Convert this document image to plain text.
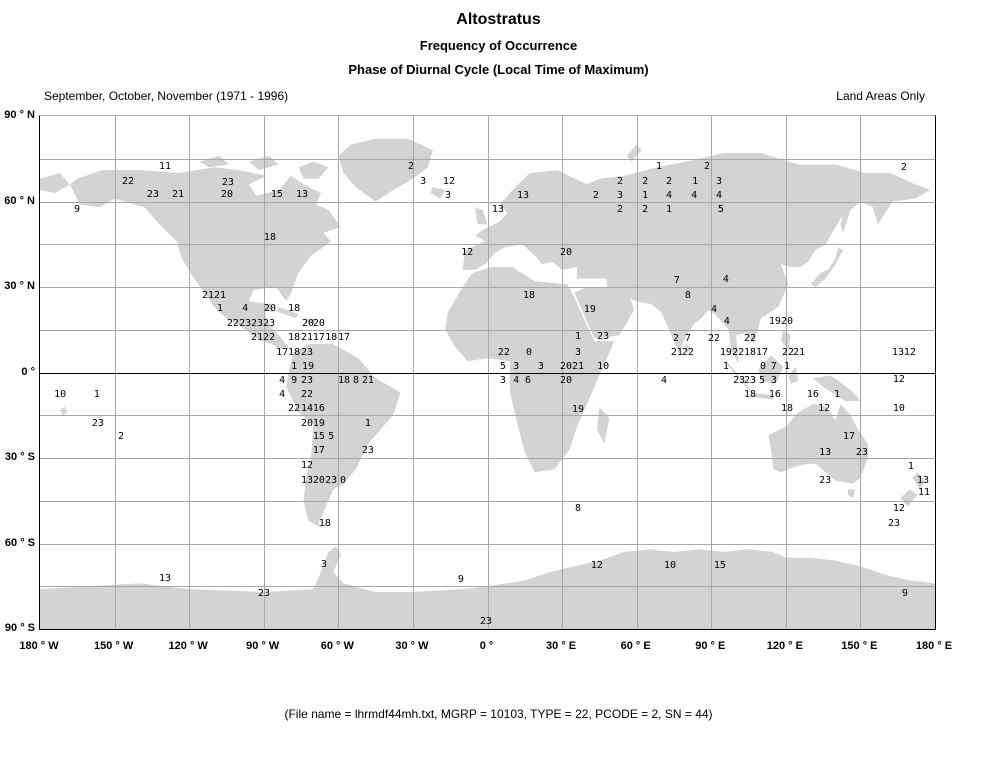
Altostratus
Frequency of Occurrence
Phase of Diurnal Cycle (Local Time of Maximum)
September, October, November (1971 - 1996)	Land Areas Only
11	2	1	2	2
22	23	3 12	2 2 2 1 3
23 21	20	15 13	3	13	2 3 1 4 4 4
9	13	2 2 1	5
18
12	20
7	4
21 21	18	8
1 4 20 18	19	4
22 23 23 23	20
20	4	19 20
21 22 18 21 17 18 17	1 23	2 7 22 22
17 18 23	22 0	3	21
22	19 22 18 17 22
21	13 12
1 19	5 3 3 20 21 10	1	0 7 1
4 9 23	18 8 21	3 4 6	20	4	23
23 5 3	12
10	1	4 22	18 16	16 1
22 14 16	19	18	12	10
23	20 19	1
2	15 5	17
17	23	13 23
12	1
13 20 23 0	23	13
11
8	12
18	23
3	12	10	15
13	9
23	9
23
90 ° N
60 ° N
30 ° N
0 °
30 ° S
60 ° S
90 ° S
180 ° W	150 ° W	120 ° W	90 ° W	60 ° W	30 ° W	0 °	30 ° E	60 ° E	90 ° E	120 ° E	150 ° E	180 ° E
(File name = lhrmdf44mh.txt, MGRP = 10103, TYPE = 22, PCODE = 2, SN = 44)
